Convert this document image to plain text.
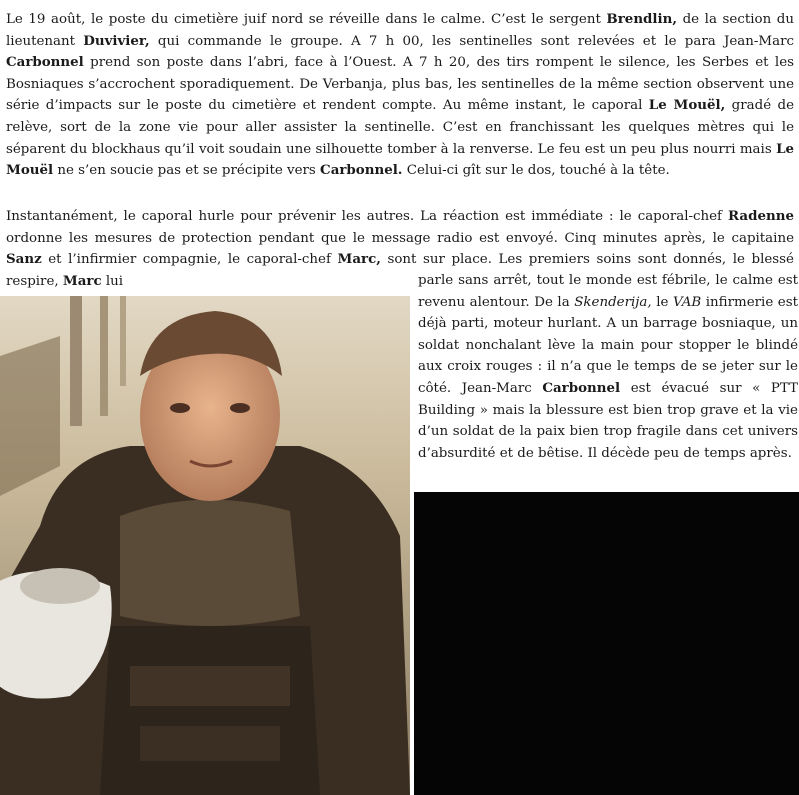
Le 19 août, le poste du cimetière juif nord se réveille dans le calme. C’est le sergent Brendlin, de la section du lieutenant Duvivier, qui commande le groupe. A 7 h 00, les sentinelles sont relevées et le para Jean-Marc Carbonnel prend son poste dans l’abri, face à l’Ouest. A 7 h 20, des tirs rompent le silence, les Serbes et les Bosniaques s’accrochent sporadiquement. De Verbanja, plus bas, les sentinelles de la même section observent une série d’impacts sur le poste du cimetière et rendent compte. Au même instant, le caporal Le Mouël, gradé de relève, sort de la zone vie pour aller assister la sentinelle. C’est en franchissant les quelques mètres qui le séparent du blockhaus qu’il voit soudain une silhouette tomber à la renverse. Le feu est un peu plus nourri mais Le Mouël ne s’en soucie pas et se précipite vers Carbonnel. Celui-ci gît sur le dos, touché à la tête.

Instantanément, le caporal hurle pour prévenir les autres. La réaction est immédiate : le caporal-chef Radenne ordonne les mesures de protection pendant que le message radio est envoyé. Cinq minutes après, le capitaine Sanz et l’infirmier compagnie, le caporal-chef Marc, sont sur place. Les premiers soins sont donnés, le blessé respire, Marc lui	parle sans arrêt, tout le monde est fébrile, le calme est revenu alentour. De la Skenderija, le VAB infirmerie est déjà parti, moteur hurlant. A un barrage bosniaque, un soldat nonchalant lève la main pour stopper le blindé aux croix rouges : il n’a que le temps de se jeter sur le côté. Jean-Marc Carbonnel est évacué sur « PTT Building » mais la blessure est bien trop grave et la vie d’un soldat de la paix bien trop fragile dans cet univers d’absurdité et de bêtise. Il décède peu de temps après.
